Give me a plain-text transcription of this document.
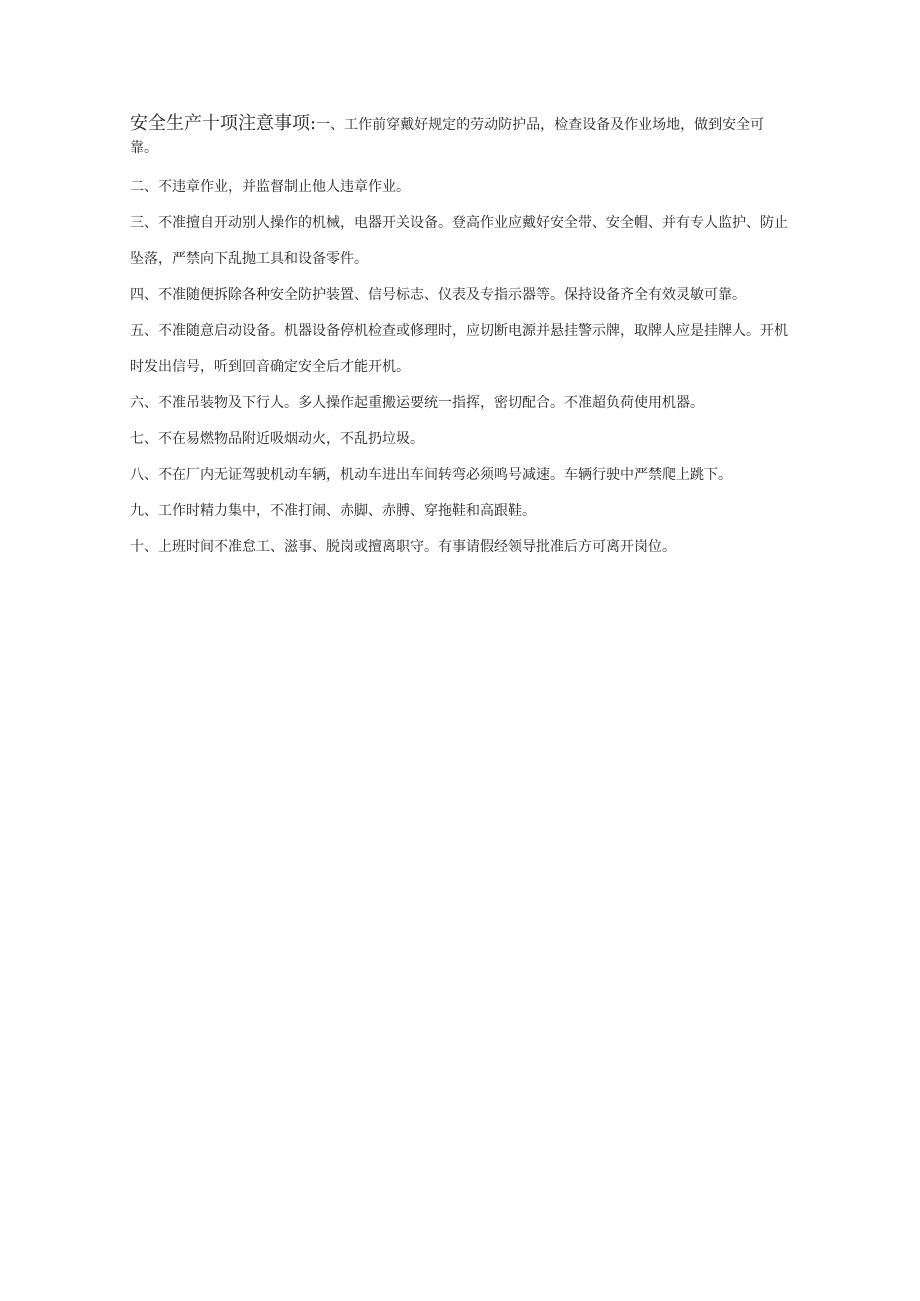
安全生产十项注意事项:一、工作前穿戴好规定的劳动防护品，检查设备及作业场地，做到安全可靠。

二、不违章作业，并监督制止他人违章作业。

三、不准擅自开动别人操作的机械，电器开关设备。登高作业应戴好安全带、安全帽、并有专人监护、防止坠落，严禁向下乱抛工具和设备零件。

四、不准随便拆除各种安全防护装置、信号标志、仪表及专指示器等。保持设备齐全有效灵敏可靠。

五、不准随意启动设备。机器设备停机检查或修理时，应切断电源并悬挂警示牌，取牌人应是挂牌人。开机时发出信号，听到回音确定安全后才能开机。

六、不准吊装物及下行人。多人操作起重搬运要统一指挥，密切配合。不准超负荷使用机器。

七、不在易燃物品附近吸烟动火，不乱扔垃圾。

八、不在厂内无证驾驶机动车辆，机动车进出车间转弯必须鸣号减速。车辆行驶中严禁爬上跳下。

九、工作时精力集中，不准打闹、赤脚、赤膊、穿拖鞋和高跟鞋。

十、上班时间不准怠工、滋事、脱岗或擅离职守。有事请假经领导批准后方可离开岗位。
